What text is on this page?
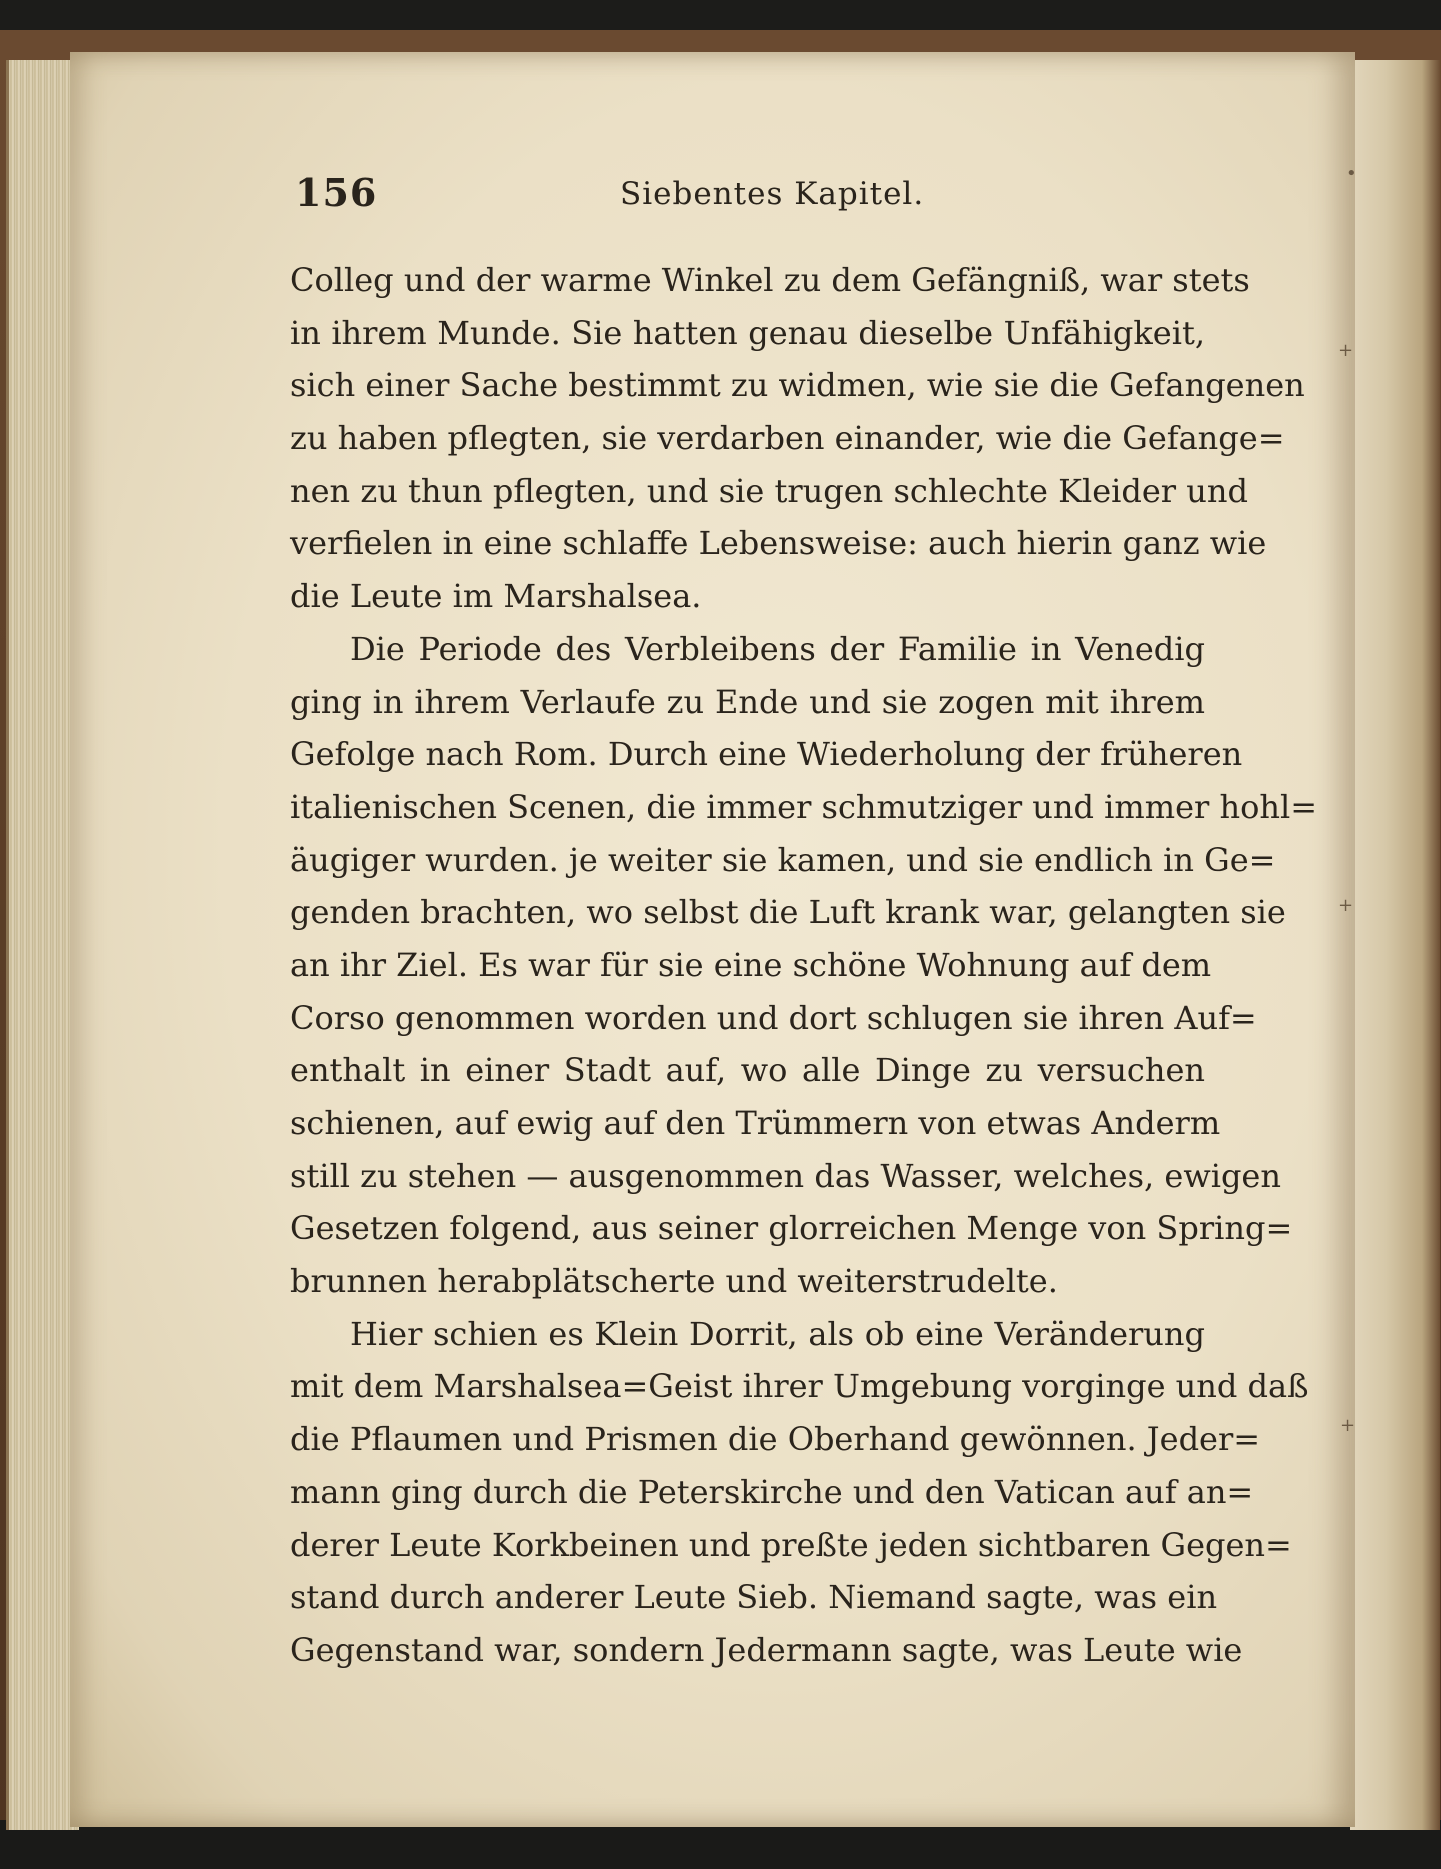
•
+
+
+
156	Siebentes Kapitel.
Colleg und der warme Winkel zu dem Gefängniß, war stets
in ihrem Munde. Sie hatten genau dieselbe Unfähigkeit,
sich einer Sache bestimmt zu widmen, wie sie die Gefangenen
zu haben pflegten, sie verdarben einander, wie die Gefange=
nen zu thun pflegten, und sie trugen schlechte Kleider und
verfielen in eine schlaffe Lebensweise: auch hierin ganz wie
die Leute im Marshalsea.
Die Periode des Verbleibens der Familie in Venedig
ging in ihrem Verlaufe zu Ende und sie zogen mit ihrem
Gefolge nach Rom. Durch eine Wiederholung der früheren
italienischen Scenen, die immer schmutziger und immer hohl=
äugiger wurden. je weiter sie kamen, und sie endlich in Ge=
genden brachten, wo selbst die Luft krank war, gelangten sie
an ihr Ziel. Es war für sie eine schöne Wohnung auf dem
Corso genommen worden und dort schlugen sie ihren Auf=
enthalt in einer Stadt auf, wo alle Dinge zu versuchen
schienen, auf ewig auf den Trümmern von etwas Anderm
still zu stehen — ausgenommen das Wasser, welches, ewigen
Gesetzen folgend, aus seiner glorreichen Menge von Spring=
brunnen herabplätscherte und weiterstrudelte.
Hier schien es Klein Dorrit, als ob eine Veränderung
mit dem Marshalsea=Geist ihrer Umgebung vorginge und daß
die Pflaumen und Prismen die Oberhand gewönnen. Jeder=
mann ging durch die Peterskirche und den Vatican auf an=
derer Leute Korkbeinen und preßte jeden sichtbaren Gegen=
stand durch anderer Leute Sieb. Niemand sagte, was ein
Gegenstand war, sondern Jedermann sagte, was Leute wie
